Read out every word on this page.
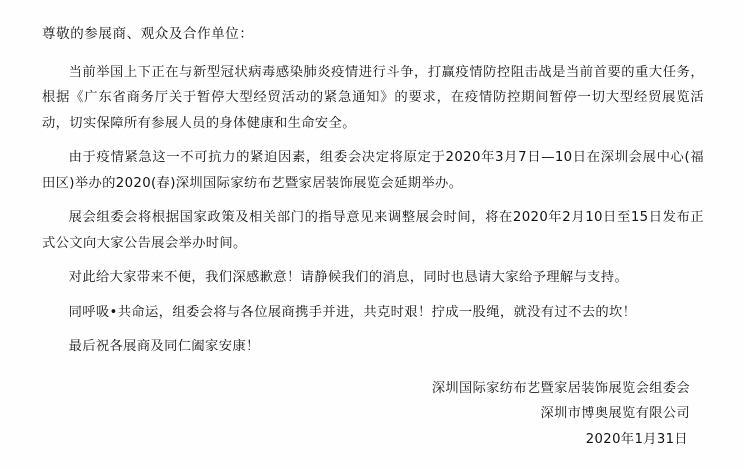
尊敬的参展商、观众及合作单位：

当前举国上下正在与新型冠状病毒感染肺炎疫情进行斗争，打赢疫情防控阻击战是当前首要的重大任务，根据《广东省商务厅关于暂停大型经贸活动的紧急通知》的要求，在疫情防控期间暂停一切大型经贸展览活动，切实保障所有参展人员的身体健康和生命安全。

由于疫情紧急这一不可抗力的紧迫因素，组委会决定将原定于2020年3月7日—10日在深圳会展中心(福田区)举办的2020(春)深圳国际家纺布艺暨家居装饰展览会延期举办。

展会组委会将根据国家政策及相关部门的指导意见来调整展会时间，将在2020年2月10日至15日发布正式公文向大家公告展会举办时间。

对此给大家带来不便，我们深感歉意！请静候我们的消息，同时也恳请大家给予理解与支持。

同呼吸•共命运，组委会将与各位展商携手并进，共克时艰！拧成一股绳，就没有过不去的坎！

最后祝各展商及同仁阖家安康！

深圳国际家纺布艺暨家居装饰展览会组委会
深圳市博奥展览有限公司
2020年1月31日
